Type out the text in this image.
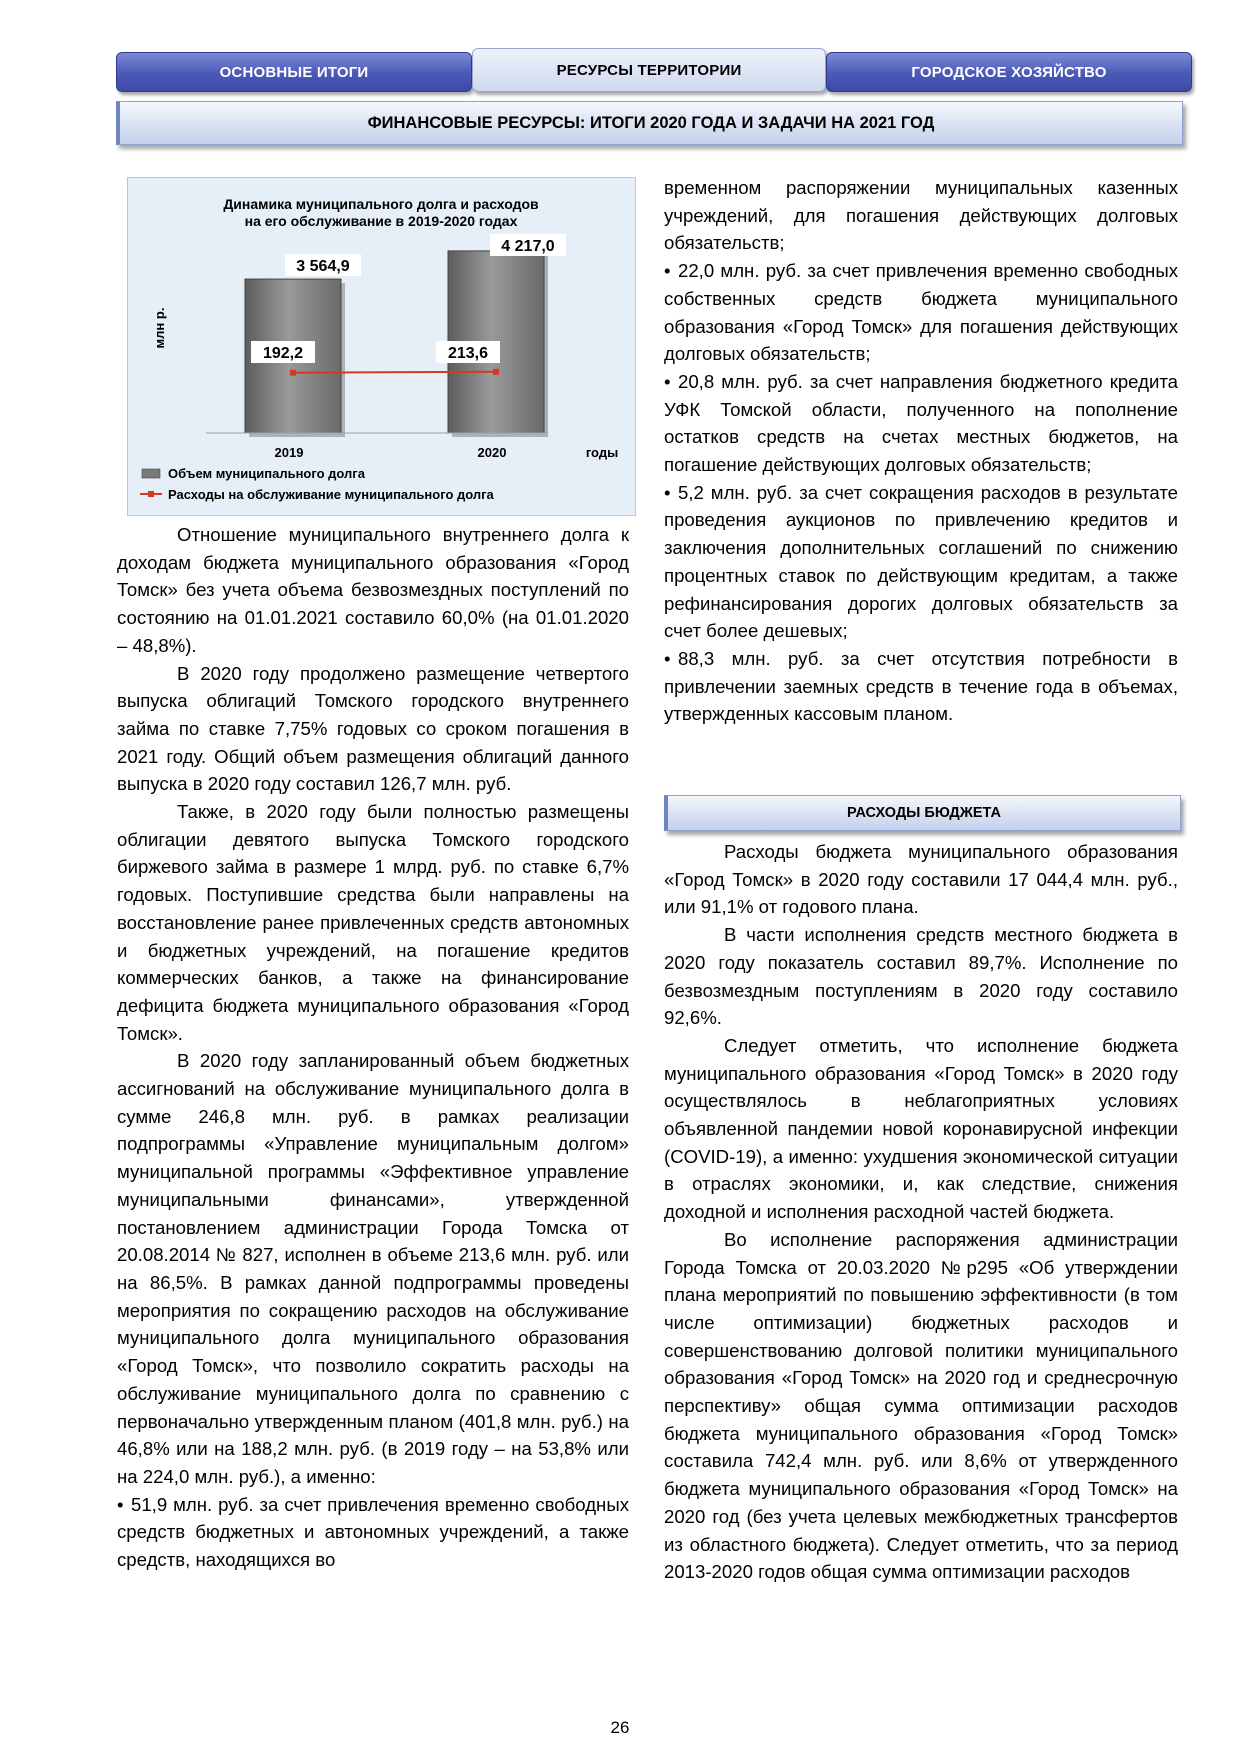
ОСНОВНЫЕ ИТОГИ	РЕСУРСЫ ТЕРРИТОРИИ	ГОРОДСКОЕ ХОЗЯЙСТВО
ФИНАНСОВЫЕ РЕСУРСЫ: ИТОГИ 2020 ГОДА И ЗАДАЧИ НА 2021 ГОД
Динамика муниципального долга и расходов
на его обслуживание в 2019-2020 годах
млн р.
3 564,9
4 217,0
192,2	213,6
2019	2020	годы
Объем муниципального долга
Расходы на обслуживание муниципального долга

Отношение муниципального внутреннего долга к доходам бюджета муниципального образования «Город Томск» без учета объема безвозмездных поступлений по состоянию на 01.01.2021 составило 60,0% (на 01.01.2020 – 48,8%).

В 2020 году продолжено размещение четвертого выпуска облигаций Томского городского внутреннего займа по ставке 7,75% годовых со сроком погашения в 2021 году. Общий объем размещения облигаций данного выпуска в 2020 году составил 126,7 млн. руб.

Также, в 2020 году были полностью размещены облигации девятого выпуска Томского городского биржевого займа в размере 1 млрд. руб. по ставке 6,7% годовых. Поступившие средства были направлены на восстановление ранее привлеченных средств автономных и бюджетных учреждений, на погашение кредитов коммерческих банков, а также на финансирование дефицита бюджета муниципального образования «Город Томск».

В 2020 году запланированный объем бюджетных ассигнований на обслуживание муниципального долга в сумме 246,8 млн. руб. в рамках реализации подпрограммы «Управление муниципальным долгом» муниципальной программы «Эффективное управление муниципальными финансами», утвержденной постановлением администрации Города Томска от 20.08.2014 № 827, исполнен в объеме 213,6 млн. руб. или на 86,5%. В рамках данной подпрограммы проведены мероприятия по сокращению расходов на обслуживание муниципального долга муниципального образования «Город Томск», что позволило сократить расходы на обслуживание муниципального долга по сравнению с первоначально утвержденным планом (401,8 млн. руб.) на 46,8% или на 188,2 млн. руб. (в 2019 году – на 53,8% или на 224,0 млн. руб.), а именно:

• 51,9 млн. руб. за счет привлечения временно свободных средств бюджетных и автономных учреждений, а также средств, находящихся во

временном распоряжении муниципальных казенных учреждений, для погашения действующих долговых обязательств;

• 22,0 млн. руб. за счет привлечения временно свободных собственных средств бюджета муниципального образования «Город Томск» для погашения действующих долговых обязательств;

• 20,8 млн. руб. за счет направления бюджетного кредита УФК Томской области, полученного на пополнение остатков средств на счетах местных бюджетов, на погашение действующих долговых обязательств;

• 5,2 млн. руб. за счет сокращения расходов в результате проведения аукционов по привлечению кредитов и заключения дополнительных соглашений по снижению процентных ставок по действующим кредитам, а также рефинансирования дорогих долговых обязательств за счет более дешевых;

• 88,3 млн. руб. за счет отсутствия потребности в привлечении заемных средств в течение года в объемах, утвержденных кассовым планом.

РАСХОДЫ БЮДЖЕТА

Расходы бюджета муниципального образования «Город Томск» в 2020 году составили 17 044,4 млн. руб., или 91,1% от годового плана.

В части исполнения средств местного бюджета в 2020 году показатель составил 89,7%. Исполнение по безвозмездным поступлениям в 2020 году составило 92,6%.

Следует отметить, что исполнение бюджета муниципального образования «Город Томск» в 2020 году осуществлялось в неблагоприятных условиях объявленной пандемии новой коронавирусной инфекции (COVID-19), а именно: ухудшения экономической ситуации в отраслях экономики, и, как следствие, снижения доходной и исполнения расходной частей бюджета.

Во исполнение распоряжения администрации Города Томска от 20.03.2020 №р295 «Об утверждении плана мероприятий по повышению эффективности (в том числе оптимизации) бюджетных расходов и совершенствованию долговой политики муниципального образования «Город Томск» на 2020 год и среднесрочную перспективу» общая сумма оптимизации расходов бюджета муниципального образования «Город Томск» составила 742,4 млн. руб. или 8,6% от утвержденного бюджета муниципального образования «Город Томск» на 2020 год (без учета целевых межбюджетных трансфертов из областного бюджета). Следует отметить, что за период 2013-2020 годов общая сумма оптимизации расходов

26
